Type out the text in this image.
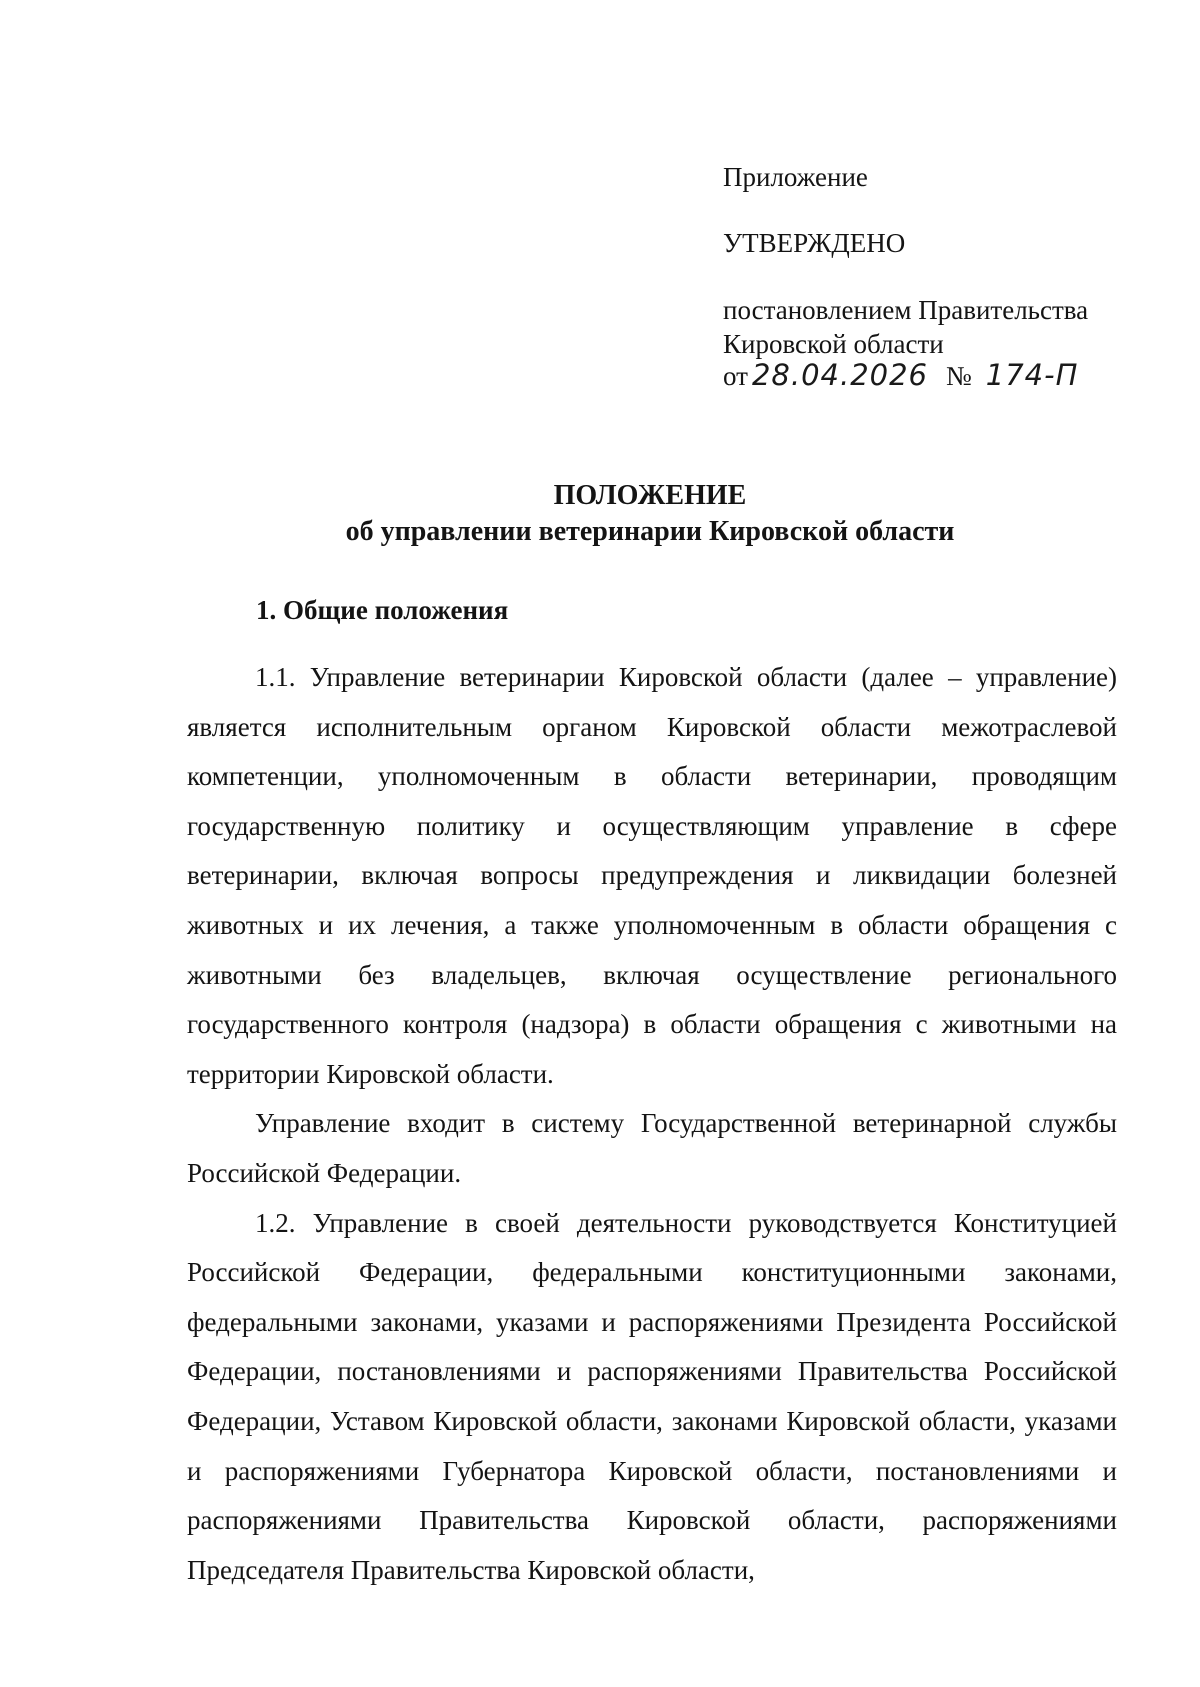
Приложение
УТВЕРЖДЕНО
постановлением Правительства
Кировской области
от 28.04.2026 № 174-П
ПОЛОЖЕНИЕ
об управлении ветеринарии Кировской области
1. Общие положения

1.1. Управление ветеринарии Кировской области (далее – управление) является исполнительным органом Кировской области межотраслевой компетенции, уполномоченным в области ветеринарии, проводящим государственную политику и осуществляющим управление в сфере ветеринарии, включая вопросы предупреждения и ликвидации болезней животных и их лечения, а также уполномоченным в области обращения с животными без владельцев, включая осуществление регионального государственного контроля (надзора) в области обращения с животными на территории Кировской области.

Управление входит в систему Государственной ветеринарной службы Российской Федерации.

1.2. Управление в своей деятельности руководствуется Конституцией Российской Федерации, федеральными конституционными законами, федеральными законами, указами и распоряжениями Президента Российской Федерации, постановлениями и распоряжениями Правительства Российской Федерации, Уставом Кировской области, законами Кировской области, указами и распоряжениями Губернатора Кировской области, постановлениями и распоряжениями Правительства Кировской области, распоряжениями Председателя Правительства Кировской области,
